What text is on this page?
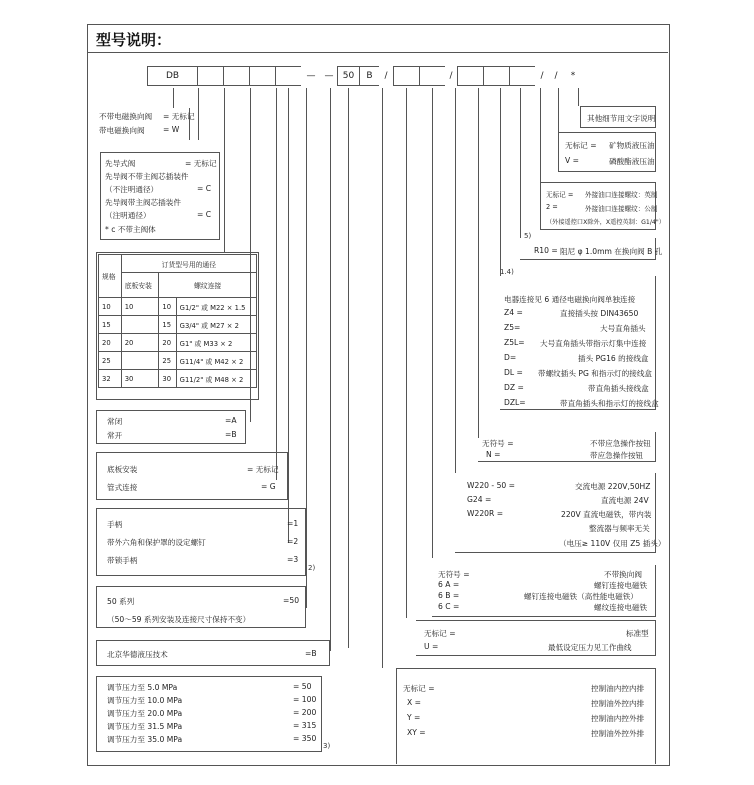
型号说明：
DB	—	—	50	B	/	/	/	/	*
不带电磁换向阀 = 无标记
带电磁换向阀 = W
先导式阀	= 无标记
先导阀不带主阀芯插装件
（不注明通径）	= C
先导阀带主阀芯插装件
（注明通径）	= C
* c 不带主阀体
规格	订货型号用的通径		
	底板安装	螺纹连接	
10	10	10	G1/2" 或 M22 × 1.5
15		15	G3/4" 或 M27 × 2
20	20	20	G1" 或 M33 × 2
25		25	G11/4" 或 M42 × 2
32	30	30	G11/2" 或 M48 × 2
常闭	=A
常开	=B
底板安装	= 无标记
管式连接	= G
手柄	=1
带外六角和保护罩的设定螺钉	=2
带锁手柄	=3
2)
50 系列	=50
（50～59 系列安装及连接尺寸保持不变）
北京华德液压技术	=B
调节压力至 5.0 MPa	= 50
调节压力至 10.0 MPa	= 100
调节压力至 20.0 MPa	= 200
调节压力至 31.5 MPa	= 315
调节压力至 35.0 MPa	= 350
3)
其他细节用文字说明
无标记 = 矿物质液压油
V =	磷酸酯液压油
无标记 = 外接油口连接螺纹：英制
2 =	外接油口连接螺纹：公制
（外接遥控口X除外，X遥控英制：G1/4"）
5)
R10 = 阻尼 φ 1.0mm 在换向阀 B 孔
1.4)
电器连接见 6 通径电磁换向阀单独连接
Z4 =	直接插头按 DIN43650
Z5=	大号直角插头
Z5L= 大号直角插头带指示灯集中连接
D=	插头 PG16 的接线盒
DL = 带螺纹插头 PG 和指示灯的接线盒
DZ =	带直角插头接线盒
DZL=	带直角插头和指示灯的接线盒
无符号 =	不带应急操作按钮
N =	带应急操作按钮
W220 - 50 =	交流电源 220V,50HZ
G24 =	直流电源 24V
W220R =	220V 直流电磁铁，带内装
整流器与频率无关
（电压≥ 110V 仅用 Z5 插头）
无符号 =	不带换向阀
6 A =	螺钉连接电磁铁
6 B =	螺钉连接电磁铁（高性能电磁铁）
6 C =	螺纹连接电磁铁
无标记 =	标准型
U =	最低设定压力见工作曲线
无标记 =	控制油内控内排
X =	控制油外控内排
Y =	控制油内控外排
XY =	控制油外控外排
